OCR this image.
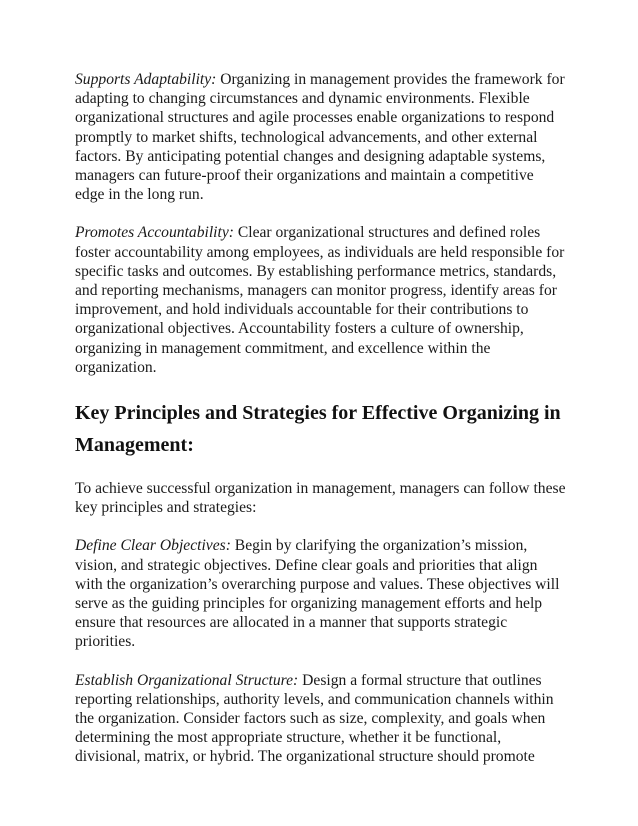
Supports Adaptability: Organizing in management provides the framework for adapting to changing circumstances and dynamic environments. Flexible organizational structures and agile processes enable organizations to respond promptly to market shifts, technological advancements, and other external factors. By anticipating potential changes and designing adaptable systems, managers can future-proof their organizations and maintain a competitive edge in the long run.

Promotes Accountability: Clear organizational structures and defined roles foster accountability among employees, as individuals are held responsible for specific tasks and outcomes. By establishing performance metrics, standards, and reporting mechanisms, managers can monitor progress, identify areas for improvement, and hold individuals accountable for their contributions to organizational objectives. Accountability fosters a culture of ownership, organizing in management commitment, and excellence within the organization.

Key Principles and Strategies for Effective Organizing in Management:

To achieve successful organization in management, managers can follow these key principles and strategies:

Define Clear Objectives: Begin by clarifying the organization’s mission, vision, and strategic objectives. Define clear goals and priorities that align with the organization’s overarching purpose and values. These objectives will serve as the guiding principles for organizing management efforts and help ensure that resources are allocated in a manner that supports strategic priorities.

Establish Organizational Structure: Design a formal structure that outlines reporting relationships, authority levels, and communication channels within the organization. Consider factors such as size, complexity, and goals when determining the most appropriate structure, whether it be functional, divisional, matrix, or hybrid. The organizational structure should promote
